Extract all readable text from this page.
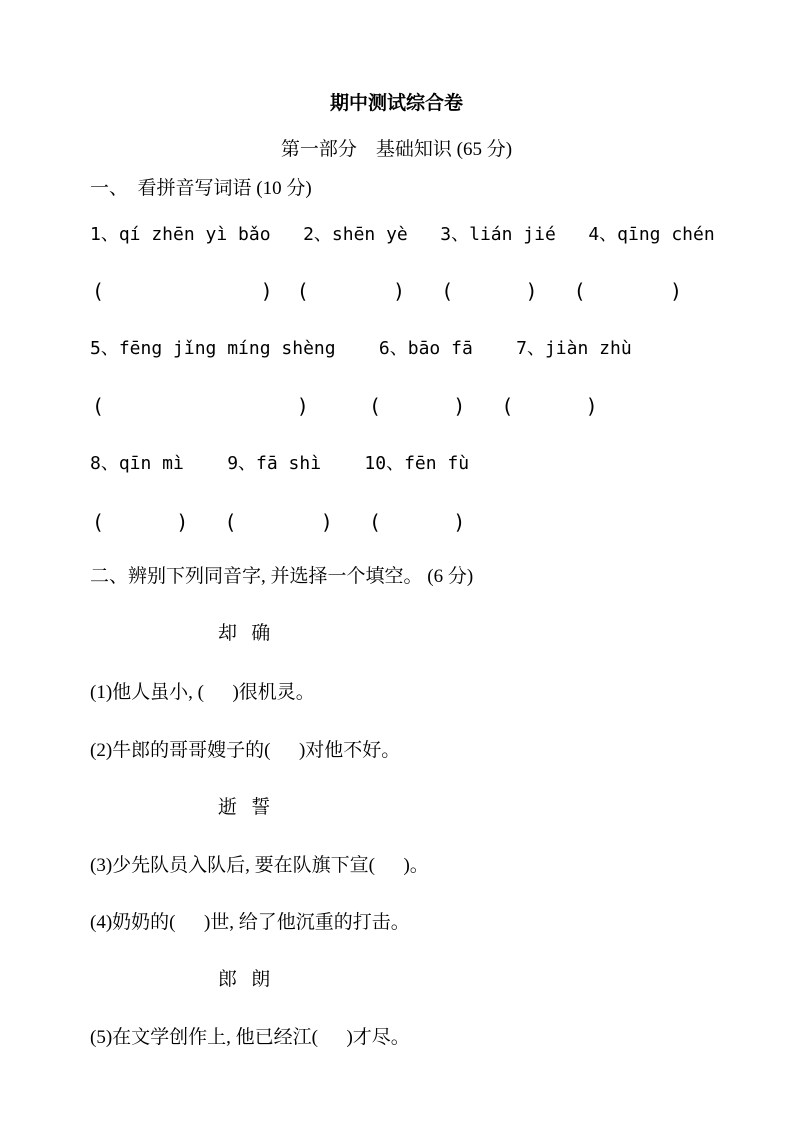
期中测试综合卷
第一部分    基础知识 (65 分)
一、  看拼音写词语 (10 分)
1、qí zhēn yì bǎo   2、shēn yè   3、lián jié   4、qīng chén
(             )  (       )   (      )   (       )
5、fēng jǐng míng shèng    6、bāo fā    7、jiàn zhù
(                )     (      )   (      )
8、qīn mì    9、fā shì    10、fēn fù
(      )   (       )   (      )
二、辨别下列同音字, 并选择一个填空。 (6 分)
却   确
(1)他人虽小, (      )很机灵。
(2)牛郎的哥哥嫂子的(      )对他不好。
逝   誓
(3)少先队员入队后, 要在队旗下宣(      )。
(4)奶奶的(      )世, 给了他沉重的打击。
郎   朗
(5)在文学创作上, 他已经江(      )才尽。
